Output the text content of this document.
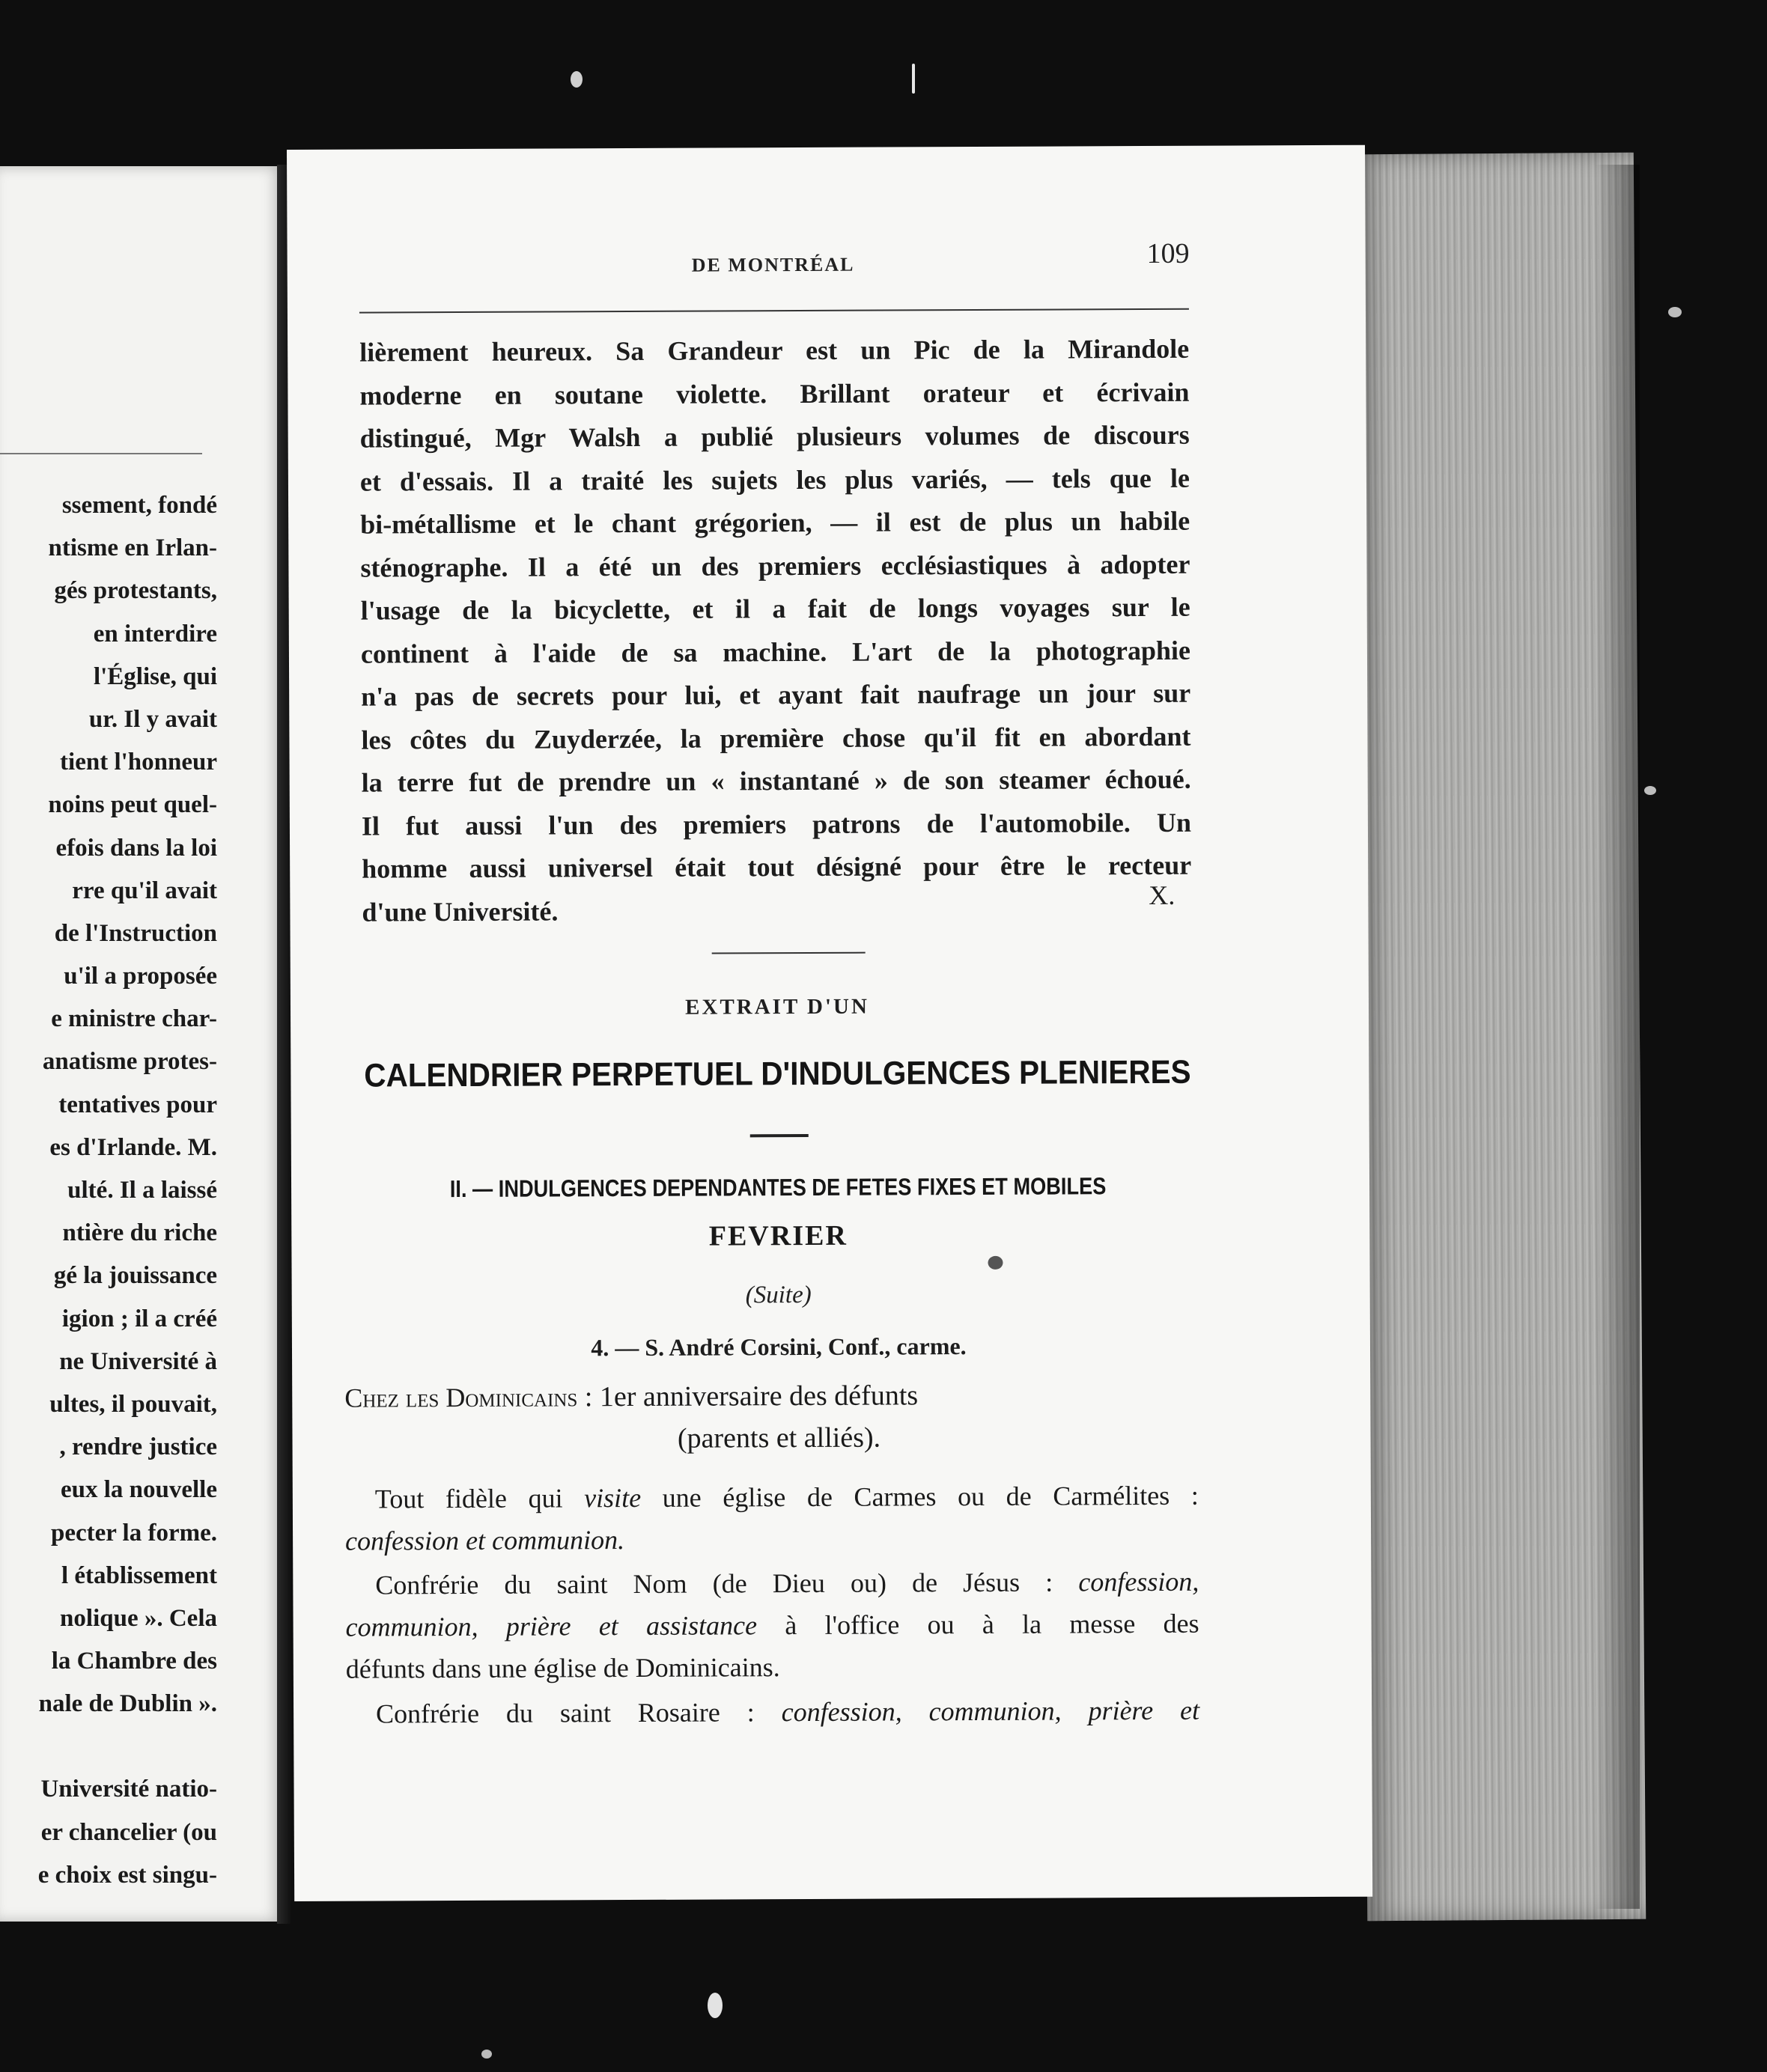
ssement, fondé
ntisme en Irlan-
gés protestants,
en interdire
l'Église, qui
ur. Il y avait
tient l'honneur
noins peut quel-
efois dans la loi
rre qu'il avait
de l'Instruction
u'il a proposée
e ministre char-
anatisme protes-
tentatives pour
es d'Irlande. M.
ulté. Il a laissé
ntière du riche
gé la jouissance
igion ; il a créé
ne Université à
ultes, il pouvait,
, rendre justice
eux la nouvelle
pecter la forme.
l établissement
nolique ». Cela
la Chambre des
nale de Dublin ».
Université natio-
er chancelier (ou
e choix est singu-
DE MONTRÉAL	109
lièrement heureux. Sa Grandeur est un Pic de la Mirandole
moderne en soutane violette. Brillant orateur et écrivain
distingué, Mgr Walsh a publié plusieurs volumes de discours
et d'essais. Il a traité les sujets les plus variés, — tels que le
bi-métallisme et le chant grégorien, — il est de plus un habile
sténographe. Il a été un des premiers ecclésiastiques à adopter
l'usage de la bicyclette, et il a fait de longs voyages sur le
continent à l'aide de sa machine. L'art de la photographie
n'a pas de secrets pour lui, et ayant fait naufrage un jour sur
les côtes du Zuyderzée, la première chose qu'il fit en abordant
la terre fut de prendre un « instantané » de son steamer échoué.
Il fut aussi l'un des premiers patrons de l'automobile. Un
homme aussi universel était tout désigné pour être le recteur
d'une Université.
X.
EXTRAIT D'UN
CALENDRIER PERPETUEL D'INDULGENCES PLENIERES
II. — INDULGENCES DEPENDANTES DE FETES FIXES ET MOBILES
FEVRIER
(Suite)
4. — S. André Corsini, Conf., carme.
Chez les Dominicains : 1er anniversaire des défunts
(parents et alliés).
Tout fidèle qui visite une église de Carmes ou de Carmélites :
confession et communion.
Confrérie du saint Nom (de Dieu ou) de Jésus : confession,
communion, prière et assistance à l'office ou à la messe des
défunts dans une église de Dominicains.
Confrérie du saint Rosaire : confession, communion, prière et
